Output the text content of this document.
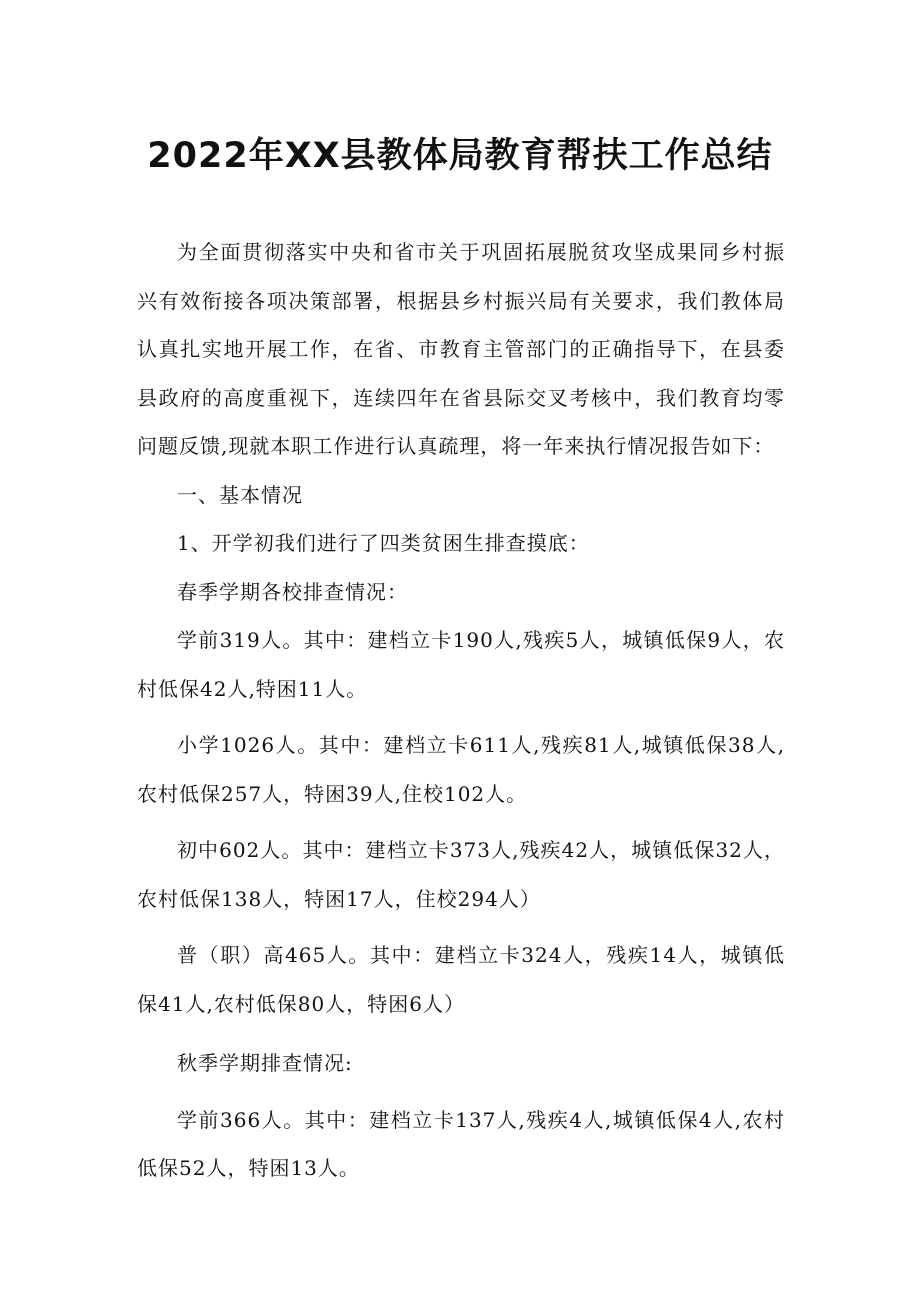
2022年XX县教体局教育帮扶工作总结

为全面贯彻落实中央和省市关于巩固拓展脱贫攻坚成果同乡村振兴有效衔接各项决策部署，根据县乡村振兴局有关要求，我们教体局认真扎实地开展工作，在省、市教育主管部门的正确指导下，在县委县政府的高度重视下，连续四年在省县际交叉考核中，我们教育均零问题反馈,现就本职工作进行认真疏理，将一年来执行情况报告如下：

一、基本情况

1、开学初我们进行了四类贫困生排查摸底：

春季学期各校排查情况：

学前319人。其中：建档立卡190人,残疾5人，城镇低保9人，农村低保42人,特困11人。

小学1026人。其中：建档立卡611人,残疾81人,城镇低保38人,农村低保257人，特困39人,住校102人。

初中602人。其中：建档立卡373人,残疾42人，城镇低保32人，农村低保138人，特困17人，住校294人）

普（职）高465人。其中：建档立卡324人，残疾14人，城镇低保41人,农村低保80人，特困6人）

秋季学期排查情况:

学前366人。其中：建档立卡137人,残疾4人,城镇低保4人,农村低保52人，特困13人。
